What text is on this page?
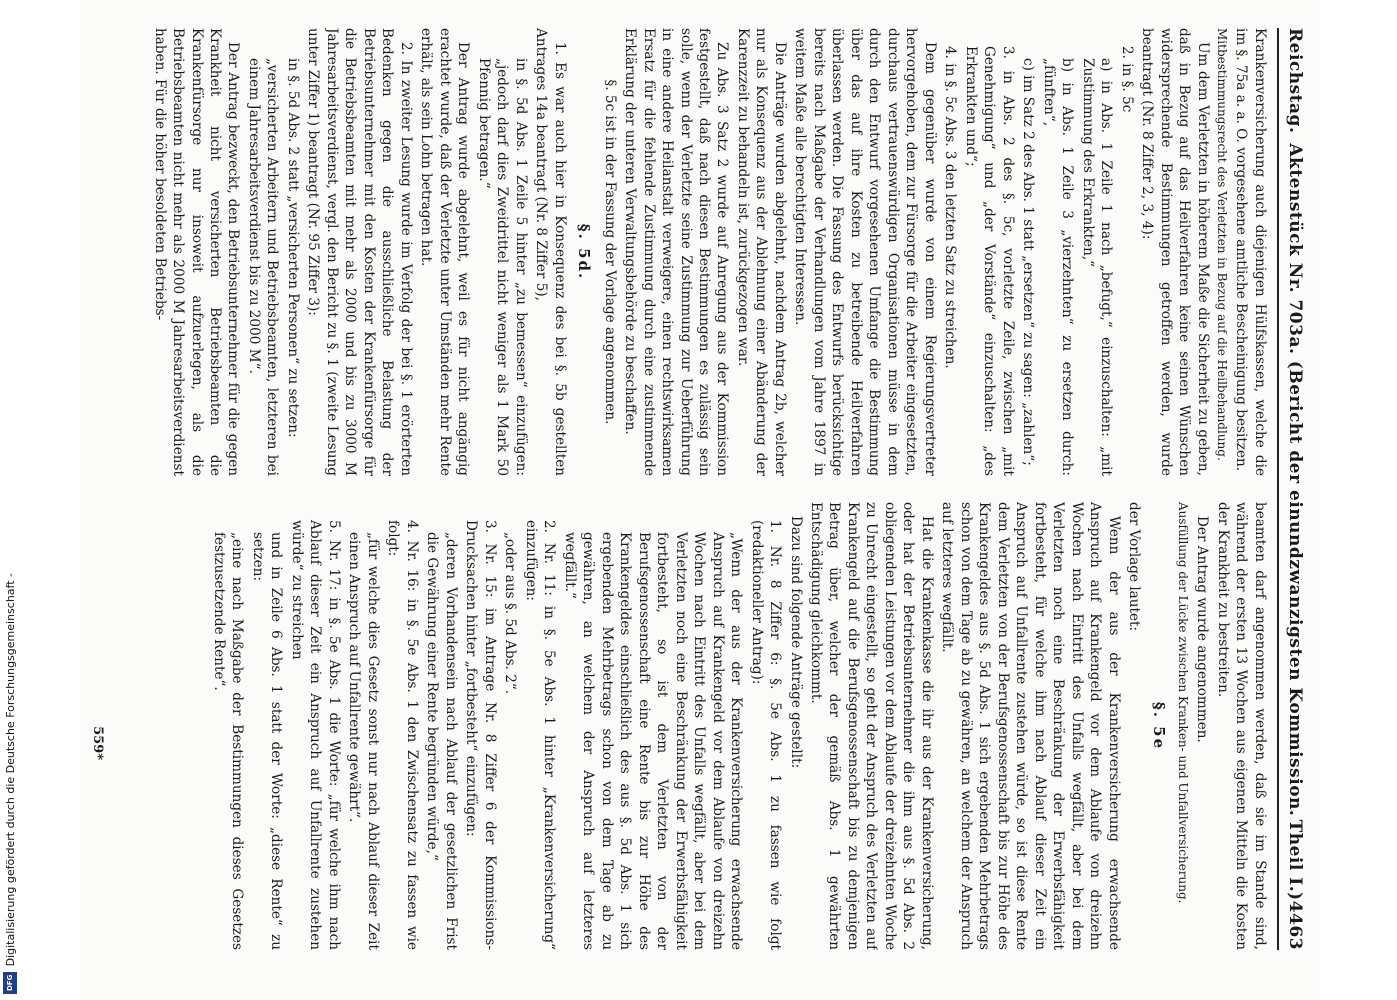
Digitalisierung gefördert durch die Deutsche Forschungsgemeinschaft -
DFG
Reichstag.
Aktenstück Nr. 703a. (Bericht der einundzwanzigsten Kommission.
Theil I.)
4463

Krankenversicherung auch diejenigen Hülfskassen, welche die im §. 75a a. a. O. vorgesehene amtliche Bescheinigung besitzen.

Mitbestimmungsrecht des Verletzten in Bezug auf die Heilbehandlung.

Um dem Verletzten in höherem Maße die Sicherheit zu geben, daß in Bezug auf das Heilverfahren keine seinen Wünschen widersprechende Bestimmungen getroffen werden, wurde beantragt (Nr. 8 Ziffer 2, 3, 4):

2. in §. 5c

a) in Abs. 1 Zeile 1 nach „befugt,“ einzuschalten: „mit Zustimmung des Erkrankten,“

b) in Abs. 1 Zeile 3 „vierzehnten“ zu ersetzen durch: „fünften“,

c) im Satz 2 des Abs. 1 statt „ersetzen“ zu sagen: „zahlen“;

3. in Abs. 2 des §. 5c, vorletzte Zeile, zwischen „mit Genehmigung“ und „der Vorstände“ einzuschalten: „des Erkrankten und“;

4. in §. 5c Abs. 3 den letzten Satz zu streichen.

Dem gegenüber wurde von einem Regierungsvertreter hervorgehoben, dem zur Fürsorge für die Arbeiter eingesetzten, durchaus vertrauenswürdigen Organisationen müsse in dem durch den Entwurf vorgesehenen Umfange die Bestimmung über das auf ihre Kosten zu betreibende Heilverfahren überlassen werden. Die Fassung des Entwurfs berücksichtige bereits nach Maßgabe der Verhandlungen vom Jahre 1897 in weitem Maße alle berechtigten Interessen.

Die Anträge wurden abgelehnt, nachdem Antrag 2b, welcher nur als Konsequenz aus der Ablehnung einer Abänderung der Karenzzeit zu behandeln ist, zurückgezogen war.

Zu Abs. 3 Satz 2 wurde auf Anregung aus der Kommission festgestellt, daß nach diesen Bestimmungen es zulässig sein solle, wenn der Verletzte seine Zustimmung zur Ueberführung in eine andere Heilanstalt verweigere, einen rechtswirksamen Ersatz für die fehlende Zustimmung durch eine zustimmende Erklärung der unteren Verwaltungsbehörde zu beschaffen.

§. 5c ist in der Fassung der Vorlage angenommen.

§. 5d.

1. Es war auch hier in Konsequenz des bei §. 5b gestellten Antrages 14a beantragt (Nr. 8 Ziffer 5),

in §. 5d Abs. 1 Zeile 5 hinter „zu bemessen“ einzufügen: „jedoch darf dies Zweidrittel nicht weniger als 1 Mark 50 Pfennig betragen.“

Der Antrag wurde abgelehnt, weil es für nicht angängig erachtet wurde, daß der Verletzte unter Umständen mehr Rente erhält, als sein Lohn betragen hat.

2. In zweiter Lesung wurde im Verfolg der bei §. 1 erörterten Bedenken gegen die ausschließliche Belastung der Betriebsunternehmer mit den Kosten der Krankenfürsorge für die Betriebsbeamten mit mehr als 2000 und bis zu 3000 M Jahresarbeitsverdienst, vergl. den Bericht zu §. 1 (zweite Lesung unter Ziffer 1) beantragt (Nr. 95 Ziffer 3):

in §. 5d Abs. 2 statt „versicherten Personen“ zu setzen:

„versicherten Arbeitern und Betriebsbeamten, letzteren bei einem Jahresarbeitsverdienst bis zu 2000 M“.

Der Antrag bezweckt, den Betriebsunternehmer für die gegen Krankheit nicht versicherten Betriebsbeamten die Krankenfürsorge nur insoweit aufzuerlegen, als die Betriebsbeamten nicht mehr als 2000 M Jahresarbeitsverdienst haben. Für die höher besoldeten Betriebs-

beamten darf angenommen werden, daß sie im Stande sind, während der ersten 13 Wochen aus eigenen Mitteln die Kosten der Krankheit zu bestreiten.

Der Antrag wurde angenommen.

Ausfüllung der Lücke zwischen Kranken- und Unfallversicherung.

§. 5e

der Vorlage lautet:

Wenn der aus der Krankenversicherung erwachsende Anspruch auf Krankengeld vor dem Ablaufe von dreizehn Wochen nach Eintritt des Unfalls wegfällt, aber bei dem Verletzten noch eine Beschränkung der Erwerbsfähigkeit fortbesteht, für welche ihm nach Ablauf dieser Zeit ein Anspruch auf Unfallrente zustehen würde, so ist diese Rente dem Verletzten von der Berufsgenossenschaft bis zur Höhe des Krankengeldes aus §. 5d Abs. 1 sich ergebenden Mehrbetrags schon von dem Tage ab zu gewähren, an welchem der Anspruch auf letzteres wegfällt.

Hat die Krankenkasse die ihr aus der Krankenversicherung, oder hat der Betriebsunternehmer die ihm aus §. 5d Abs. 2 obliegenden Leistungen vor dem Ablaufe der dreizehnten Woche zu Unrecht eingestellt, so geht der Anspruch des Verletzten auf Krankengeld auf die Berufsgenossenschaft bis zu demjenigen Betrag über, welcher der gemäß Abs. 1 gewährten Entschädigung gleichkommt.

Dazu sind folgende Anträge gestellt:

1. Nr. 8 Ziffer 6: §. 5e Abs. 1 zu fassen wie folgt (redaktioneller Antrag):

„Wenn der aus der Krankenversicherung erwachsende Anspruch auf Krankengeld vor dem Ablaufe von dreizehn Wochen nach Eintritt des Unfalls wegfällt, aber bei dem Verletzten noch eine Beschränkung der Erwerbsfähigkeit fortbesteht, so ist dem Verletzten von der Berufsgenossenschaft eine Rente bis zur Höhe des Krankengeldes einschließlich des aus §. 5d Abs. 1 sich ergebenden Mehrbetrags schon von dem Tage ab zu gewähren, an welchem der Anspruch auf letzteres wegfällt.“

2. Nr. 11: in §. 5e Abs. 1 hinter „Krankenversicherung“ einzufügen:

„oder aus §. 5d Abs. 2“.

3. Nr. 15: im Antrage Nr. 8 Ziffer 6 der Kommissions-Drucksachen hinter „fortbesteht“ einzufügen:

„deren Vorhandensein nach Ablauf der gesetzlichen Frist die Gewährung einer Rente begründen würde,“

4. Nr. 16: in §. 5e Abs. 1 den Zwischensatz zu fassen wie folgt:

„für welche dies Gesetz sonst nur nach Ablauf dieser Zeit einen Anspruch auf Unfallrente gewährt“.

5. Nr. 17: in §. 5e Abs. 1 die Worte: „für welche ihm nach Ablauf dieser Zeit ein Anspruch auf Unfallrente zustehen würde“ zu streichen

und in Zeile 6 Abs. 1 statt der Worte: „diese Rente“ zu setzen:

„eine nach Maßgabe der Bestimmungen dieses Gesetzes festzusetzende Rente“.

559*
